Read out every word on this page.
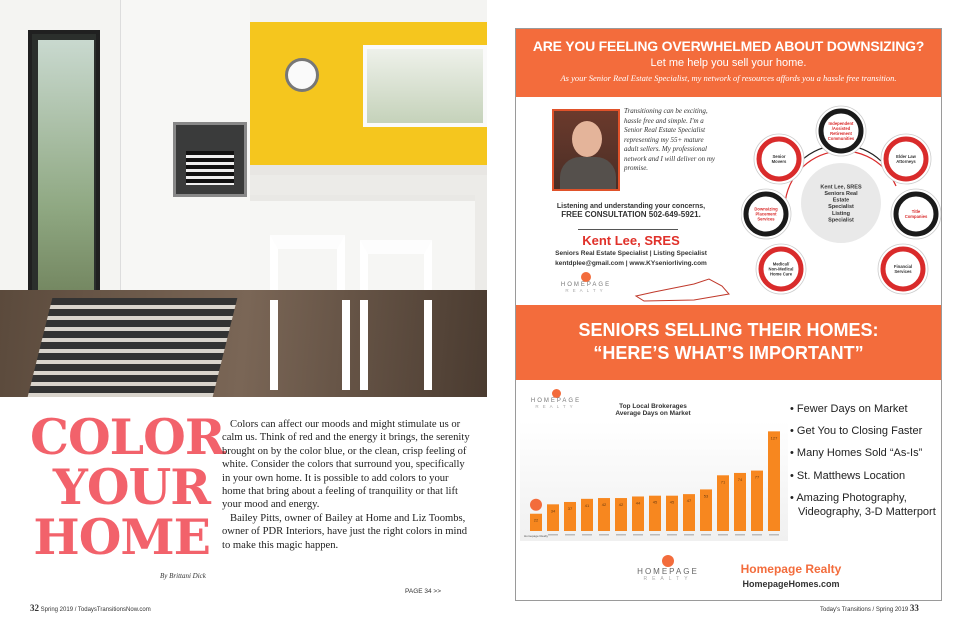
COLOR
YOUR
HOME

Colors can affect our moods and might stimulate us or calm us. Think of red and the energy it brings, the serenity brought on by the color blue, or the clean, crisp feeling of white. Consider the colors that surround you, specifically in your own home. It is possible to add colors to your home that bring about a feeling of tranquility or that lift your mood and energy.

Bailey Pitts, owner of Bailey at Home and Liz Toombs, owner of PDR Interiors, have just the right colors in mind to make this magic happen.

By Brittani Dick
PAGE 34 >>
32 Spring 2019 / TodaysTransitionsNow.com	Today's Transitions / Spring 2019 33
ARE YOU FEELING OVERWHELMED ABOUT DOWNSIZING?
Let me help you sell your home.
As your Senior Real Estate Specialist, my network of resources affords you a hassle free transition.
Transitioning can be exciting, hassle free and simple. I'm a Senior Real Estate Specialist representing my 55+ mature adult sellers. My professional network and I will deliver on my promise.
Listening and understanding your concerns,
FREE CONSULTATION 502-649-5921.
Kent Lee, SRES
Seniors Real Estate Specialist | Listing Specialist
kentdplee@gmail.com | www.KYseniorliving.com
HOMEPAGE
REALTY
Kent Lee, SRES Seniors Real Estate Specialist Listing Specialist
Independent /Assisted Retirement Communities
Senior Movers
Elder Law Attorneys
Downsizing Placement Services
Title Companies
Medical/ Non-Medical Home Care
Financial Services
SENIORS SELLING THEIR HOMES:
“HERE’S WHAT’S IMPORTANT”
HOMEPAGE
REALTY	Top Local Brokerages
Average Days on Market
22
Homepage Realty
34	37
41	42	42	44	45	45	47
53
71	74	77
127
• Fewer Days on Market
• Get You to Closing Faster
• Many Homes Sold “As-Is”
• St. Matthews Location
• Amazing Photography, Videography, 3-D Matterport
Homepage Realty
HomepageHomes.com
HOMEPAGE
REALTY
